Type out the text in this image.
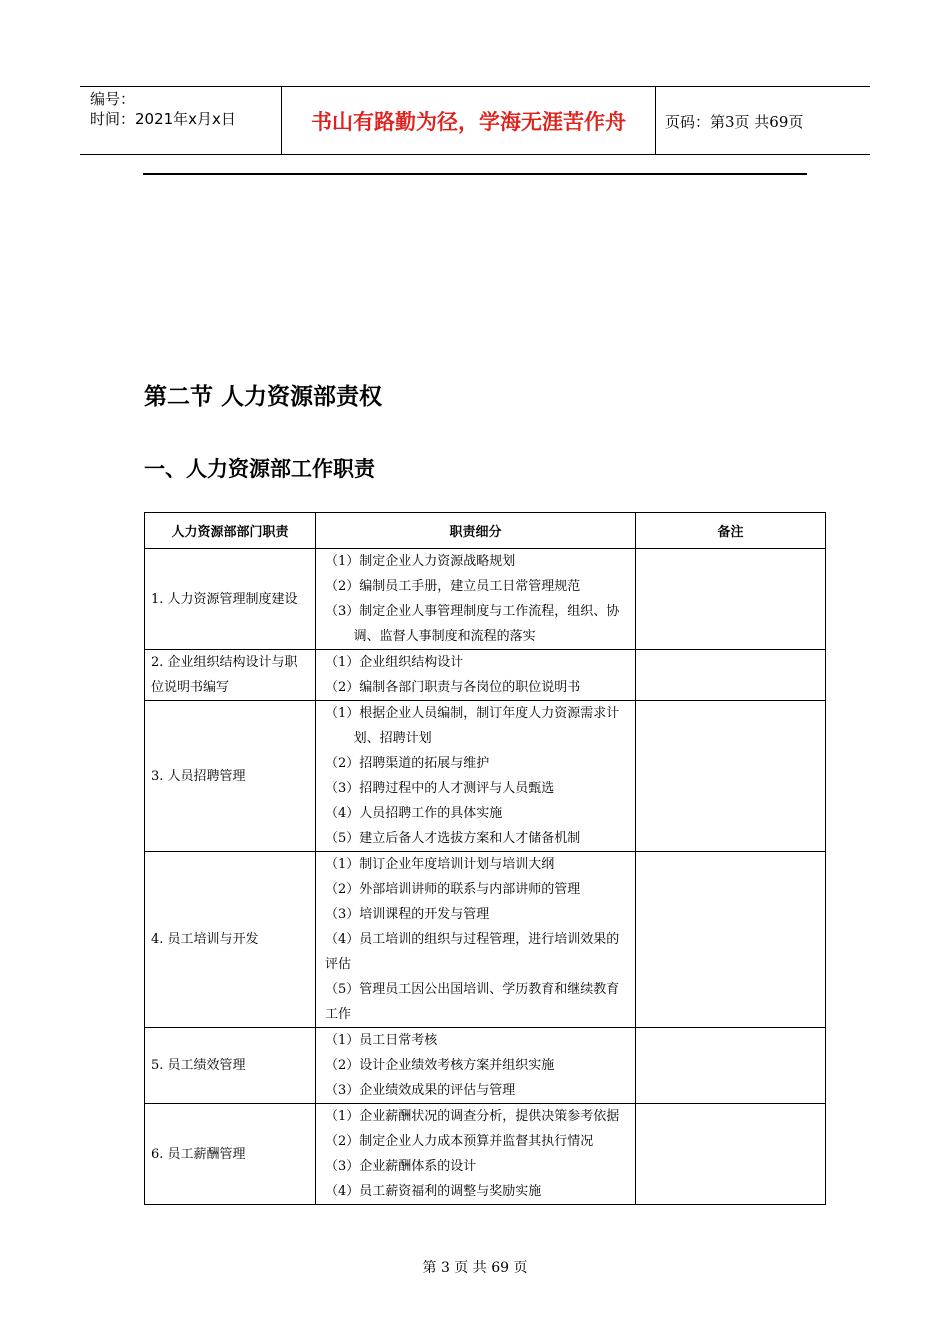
编号：
时间：2021年x月x日	书山有路勤为径，学海无涯苦作舟	页码：第3页 共69页
第二节 人力资源部责权
一、人力资源部工作职责
人力资源部部门职责	职责细分	备注
1. 人力资源管理制度建设	（1）制定企业人力资源战略规划
（2）编制员工手册，建立员工日常管理规范
（3）制定企业人事管理制度与工作流程，组织、协调、监督人事制度和流程的落实	

2. 企业组织结构设计与职位说明书编写	（1）企业组织结构设计
（2）编制各部门职责与各岗位的职位说明书	

3. 人员招聘管理	（1）根据企业人员编制，制订年度人力资源需求计划、招聘计划
（2）招聘渠道的拓展与维护
（3）招聘过程中的人才测评与人员甄选
（4）人员招聘工作的具体实施
（5）建立后备人才选拔方案和人才储备机制	

4. 员工培训与开发	（1）制订企业年度培训计划与培训大纲
（2）外部培训讲师的联系与内部讲师的管理
（3）培训课程的开发与管理
（4）员工培训的组织与过程管理，进行培训效果的评估
（5）管理员工因公出国培训、学历教育和继续教育工作	

5. 员工绩效管理	（1）员工日常考核
（2）设计企业绩效考核方案并组织实施
（3）企业绩效成果的评估与管理	

6. 员工薪酬管理	（1）企业薪酬状况的调查分析，提供决策参考依据
（2）制定企业人力成本预算并监督其执行情况
（3）企业薪酬体系的设计
（4）员工薪资福利的调整与奖励实施	

第 3 页 共 69 页
